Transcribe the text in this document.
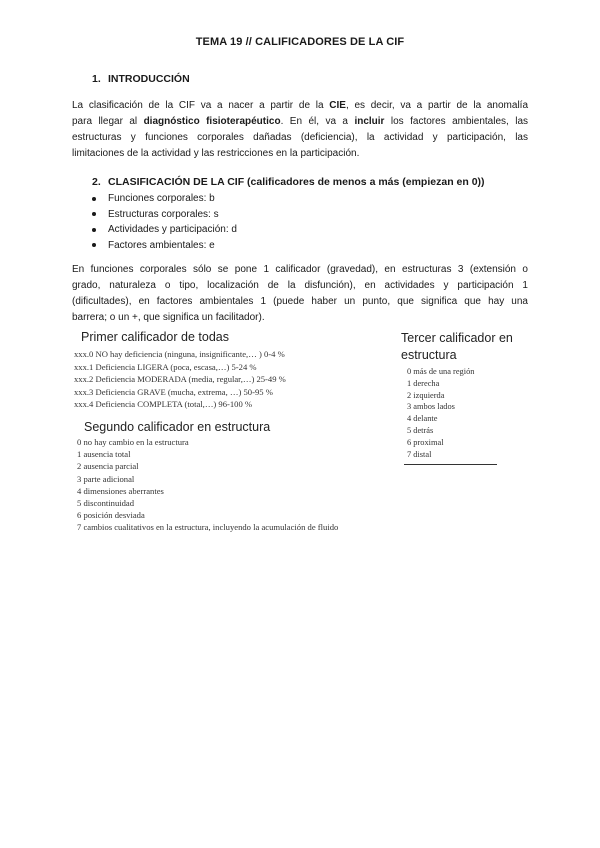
TEMA 19 // CALIFICADORES DE LA CIF
1. INTRODUCCIÓN
La clasificación de la CIF va a nacer a partir de la CIE, es decir, va a partir de la anomalía
para llegar al diagnóstico fisioterapéutico. En él, va a incluir los factores ambientales, las
estructuras y funciones corporales dañadas (deficiencia), la actividad y participación, las
limitaciones de la actividad y las restricciones en la participación.
2. CLASIFICACIÓN DE LA CIF (calificadores de menos a más (empiezan en 0))
Funciones corporales: b
Estructuras corporales: s
Actividades y participación: d
Factores ambientales: e
En funciones corporales sólo se pone 1 calificador (gravedad), en estructuras 3 (extensión o
grado, naturaleza o tipo, localización de la disfunción), en actividades y participación 1
(dificultades), en factores ambientales 1 (puede haber un punto, que significa que hay una
barrera; o un +, que significa un facilitador).
Primer calificador de todas
xxx.0 NO hay deficiencia (ninguna, insignificante,… ) 0-4 %
xxx.1 Deficiencia LIGERA (poca, escasa,…) 5-24 %
xxx.2 Deficiencia MODERADA (media, regular,…) 25-49 %
xxx.3 Deficiencia GRAVE (mucha, extrema, …) 50-95 %
xxx.4 Deficiencia COMPLETA (total,…) 96-100 %
Segundo calificador en estructura
0 no hay cambio en la estructura
1 ausencia total
2 ausencia parcial
3 parte adicional
4 dimensiones aberrantes
5 discontinuidad
6 posición desviada
7 cambios cualitativos en la estructura, incluyendo la acumulación de fluido
Tercer calificador en
estructura
0 más de una región
1 derecha
2 izquierda
3 ambos lados
4 delante
5 detrás
6 proximal
7 distal
